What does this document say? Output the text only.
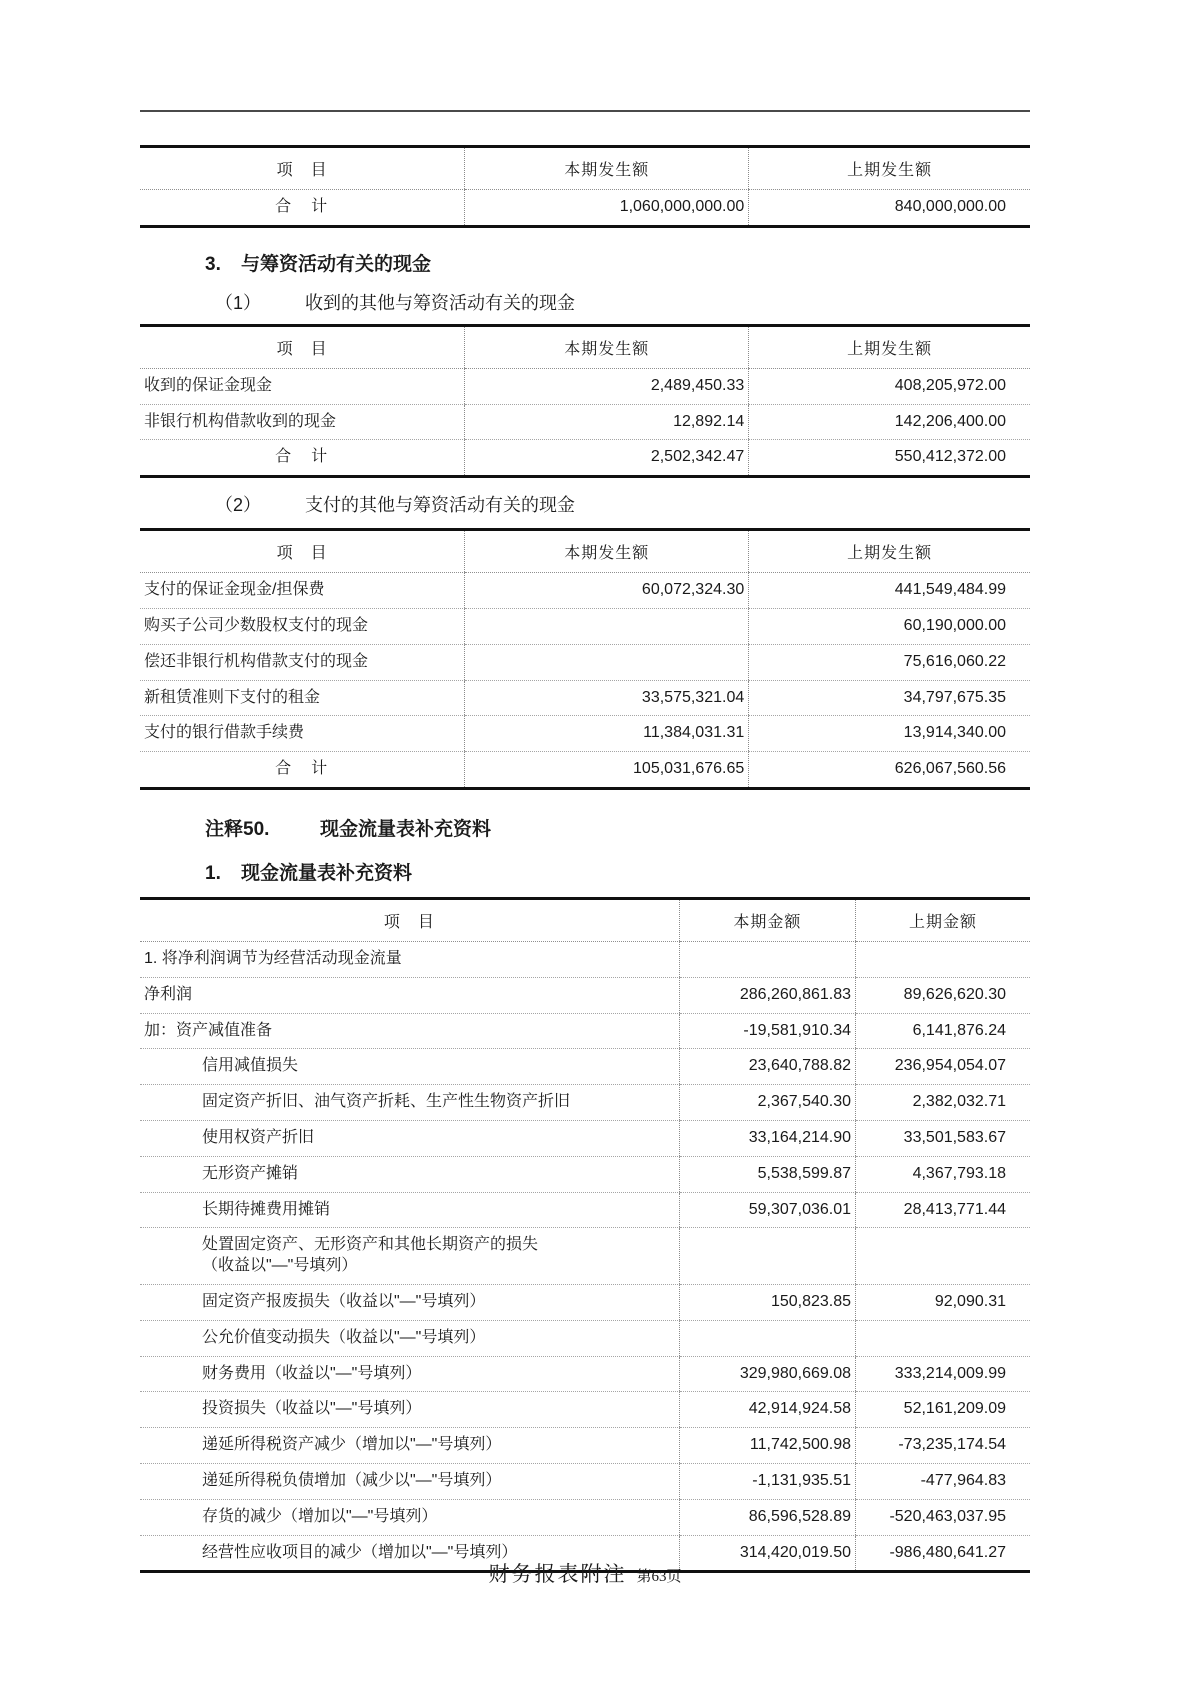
项　目	本期发生额	上期发生额
合　计	1,060,000,000.00	840,000,000.00
3. 与筹资活动有关的现金
（1） 收到的其他与筹资活动有关的现金
项　目	本期发生额	上期发生额
收到的保证金现金	2,489,450.33	408,205,972.00
非银行机构借款收到的现金	12,892.14	142,206,400.00
合　计	2,502,342.47	550,412,372.00
（2） 支付的其他与筹资活动有关的现金
项　目	本期发生额	上期发生额
支付的保证金现金/担保费	60,072,324.30	441,549,484.99
购买子公司少数股权支付的现金		60,190,000.00
偿还非银行机构借款支付的现金		75,616,060.22
新租赁准则下支付的租金	33,575,321.04	34,797,675.35
支付的银行借款手续费	11,384,031.31	13,914,340.00
合　计	105,031,676.65	626,067,560.56
注释50.	现金流量表补充资料
1. 现金流量表补充资料
项　目	本期金额	上期金额
1. 将净利润调节为经营活动现金流量		
净利润	286,260,861.83	89,626,620.30
加：资产减值准备	-19,581,910.34	6,141,876.24
信用减值损失	23,640,788.82	236,954,054.07
固定资产折旧、油气资产折耗、生产性生物资产折旧	2,367,540.30	2,382,032.71
使用权资产折旧	33,164,214.90	33,501,583.67
无形资产摊销	5,538,599.87	4,367,793.18
长期待摊费用摊销	59,307,036.01	28,413,771.44

处置固定资产、无形资产和其他长期资产的损失
（收益以"—"号填列）		

固定资产报废损失（收益以"—"号填列）	150,823.85	92,090.31
公允价值变动损失（收益以"—"号填列）		
财务费用（收益以"—"号填列）	329,980,669.08	333,214,009.99
投资损失（收益以"—"号填列）	42,914,924.58	52,161,209.09
递延所得税资产减少（增加以"—"号填列）	11,742,500.98	-73,235,174.54
递延所得税负债增加（减少以"—"号填列）	-1,131,935.51	-477,964.83
存货的减少（增加以"—"号填列）	86,596,528.89	-520,463,037.95
经营性应收项目的减少（增加以"—"号填列）	314,420,019.50	-986,480,641.27
财务报表附注 第63页
